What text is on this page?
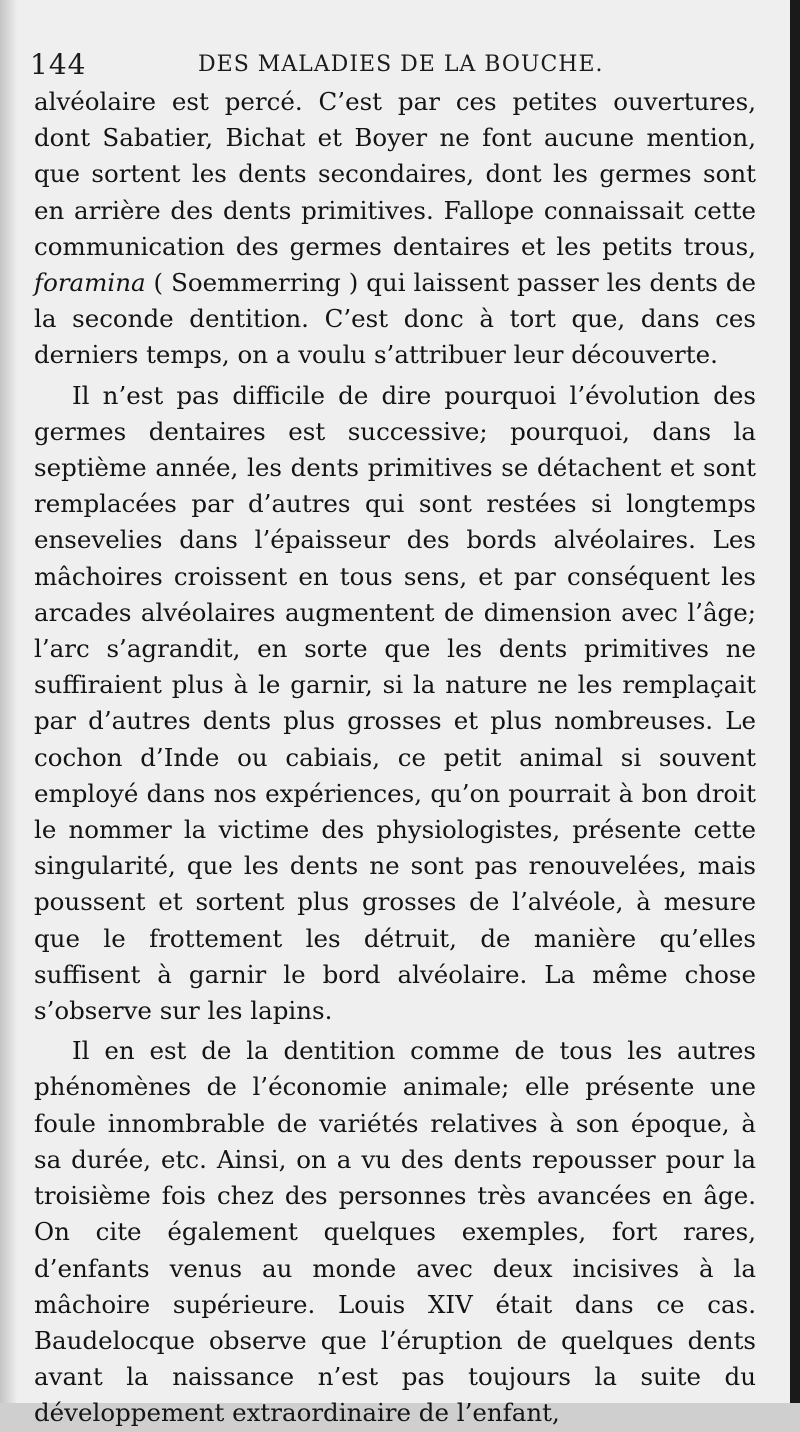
144	DES MALADIES DE LA BOUCHE.

alvéolaire est percé. C’est par ces petites ouvertures, dont Sabatier, Bichat et Boyer ne font aucune mention, que sortent les dents secondaires, dont les germes sont en arrière des dents primitives. Fallope connaissait cette communication des germes dentaires et les petits trous, foramina ( Soemmerring ) qui laissent passer les dents de la seconde dentition. C’est donc à tort que, dans ces derniers temps, on a voulu s’attribuer leur découverte.

Il n’est pas difficile de dire pourquoi l’évolution des germes dentaires est successive; pourquoi, dans la septième année, les dents primitives se détachent et sont remplacées par d’autres qui sont restées si longtemps ensevelies dans l’épaisseur des bords alvéolaires. Les mâchoires croissent en tous sens, et par conséquent les arcades alvéolaires augmentent de dimension avec l’âge; l’arc s’agrandit, en sorte que les dents primitives ne suffiraient plus à le garnir, si la nature ne les remplaçait par d’autres dents plus grosses et plus nombreuses. Le cochon d’Inde ou cabiais, ce petit animal si souvent employé dans nos expériences, qu’on pourrait à bon droit le nommer la victime des physiologistes, présente cette singularité, que les dents ne sont pas renouvelées, mais poussent et sortent plus grosses de l’alvéole, à mesure que le frottement les détruit, de manière qu’elles suffisent à garnir le bord alvéolaire. La même chose s’observe sur les lapins.

Il en est de la dentition comme de tous les autres phénomènes de l’économie animale; elle présente une foule innombrable de variétés relatives à son époque, à sa durée, etc. Ainsi, on a vu des dents repousser pour la troisième fois chez des personnes très avancées en âge. On cite également quelques exemples, fort rares, d’enfants venus au monde avec deux incisives à la mâchoire supérieure. Louis XIV était dans ce cas. Baudelocque observe que l’éruption de quelques dents avant la naissance n’est pas toujours la suite du développement extraordinaire de l’enfant,
